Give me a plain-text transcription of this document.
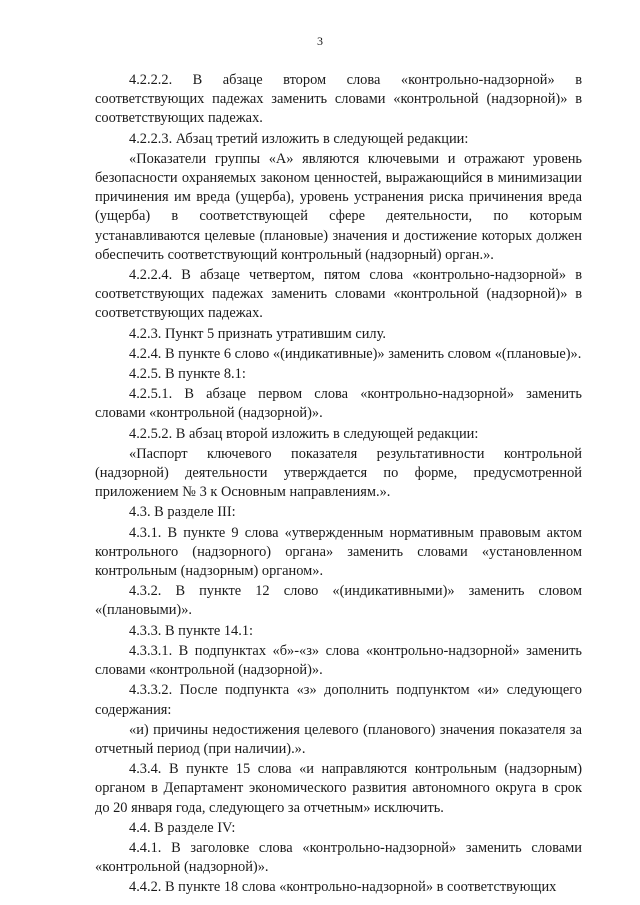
3

4.2.2.2. В абзаце втором слова «контрольно-надзорной» в соответствующих падежах заменить словами «контрольной (надзорной)» в соответствующих падежах.

4.2.2.3. Абзац третий изложить в следующей редакции:

«Показатели группы «А» являются ключевыми и отражают уровень безопасности охраняемых законом ценностей, выражающийся в минимизации причинения им вреда (ущерба), уровень устранения риска причинения вреда (ущерба) в соответствующей сфере деятельности, по которым устанавливаются целевые (плановые) значения и достижение которых должен обеспечить соответствующий контрольный (надзорный) орган.».

4.2.2.4. В абзаце четвертом, пятом слова «контрольно-надзорной» в соответствующих падежах заменить словами «контрольной (надзорной)» в соответствующих падежах.

4.2.3. Пункт 5 признать утратившим силу.

4.2.4. В пункте 6 слово «(индикативные)» заменить словом «(плановые)».

4.2.5. В пункте 8.1:

4.2.5.1. В абзаце первом слова «контрольно-надзорной» заменить словами «контрольной (надзорной)».

4.2.5.2. В абзац второй изложить в следующей редакции:

«Паспорт ключевого показателя результативности контрольной (надзорной) деятельности утверждается по форме, предусмотренной приложением № 3 к Основным направлениям.».

4.3. В разделе III:

4.3.1. В пункте 9 слова «утвержденным нормативным правовым актом контрольного (надзорного) органа» заменить словами «установленном контрольным (надзорным) органом».

4.3.2. В пункте 12 слово «(индикативными)» заменить словом «(плановыми)».

4.3.3. В пункте 14.1:

4.3.3.1. В подпунктах «б»-«з» слова «контрольно-надзорной» заменить словами «контрольной (надзорной)».

4.3.3.2. После подпункта «з» дополнить подпунктом «и» следующего содержания:

«и) причины недостижения целевого (планового) значения показателя за отчетный период (при наличии).».

4.3.4. В пункте 15 слова «и направляются контрольным (надзорным) органом в Департамент экономического развития автономного округа в срок до 20 января года, следующего за отчетным» исключить.

4.4. В разделе IV:

4.4.1. В заголовке слова «контрольно-надзорной» заменить словами «контрольной (надзорной)».

4.4.2. В пункте 18 слова «контрольно-надзорной» в соответствующих
